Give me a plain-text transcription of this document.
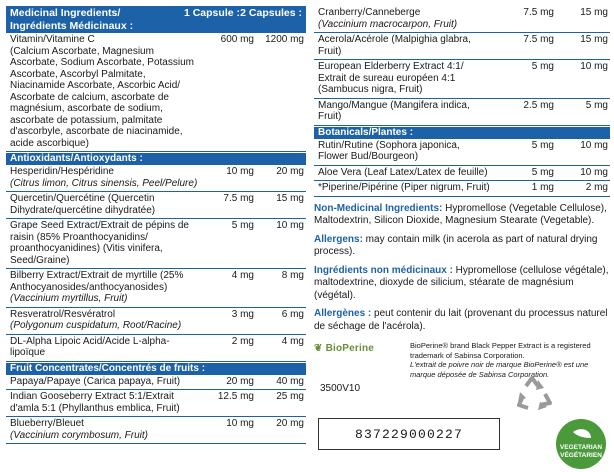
Medicinal Ingredients/
Ingrédients Médicinaux :
1 Capsule : 2 Capsules :
Vitamin/Vitamine C
(Calcium Ascorbate, Magnesium Ascorbate, Sodium Ascorbate, Potassium Ascorbate, Ascorbyl Palmitate, Niacinamide Ascorbate, Ascorbic Acid/ Ascorbate de calcium, ascorbate de magnésium, ascorbate de sodium, ascorbate de potassium, palmitate d'ascorbyle, ascorbate de niacinamide, acide ascorbique)
600 mg	1200 mg
Antioxidants/Antioxydants :
Hesperidin/Hespéridine
(Citrus limon, Citrus sinensis, Peel/Pelure)
10 mg	20 mg
Quercetin/Quercétine (Quercetin Dihydrate/quercétine dihydratée)
7.5 mg	15 mg
Grape Seed Extract/Extrait de pépins de raisin (85% Proanthocyanidins/ proanthocyanidines) (Vitis vinifera, Seed/Graine)
5 mg	10 mg
Bilberry Extract/Extrait de myrtille (25% Anthocyanosides/anthocyanosides)
(Vaccinium myrtillus, Fruit)
4 mg	8 mg
Resveratrol/Resvératrol
(Polygonum cuspidatum, Root/Racine)
3 mg	6 mg
DL-Alpha Lipoic Acid/Acide L-alpha-lipoïque
2 mg	4 mg
Fruit Concentrates/Concentrés de fruits :
Papaya/Papaye (Carica papaya, Fruit)	20 mg	40 mg
Indian Gooseberry Extract 5:1/Extrait d'amla 5:1 (Phyllanthus emblica, Fruit)
12.5 mg	25 mg
Blueberry/Bleuet
(Vaccinium corymbosum, Fruit)
10 mg	20 mg
Cranberry/Canneberge
(Vaccinium macrocarpon, Fruit)
7.5 mg	15 mg
Acerola/Acérole (Malpighia glabra, Fruit)
7.5 mg	15 mg
European Elderberry Extract 4:1/ Extrait de sureau européen 4:1 (Sambucus nigra, Fruit)
5 mg	10 mg
Mango/Mangue (Mangifera indica, Fruit)
2.5 mg	5 mg
Botanicals/Plantes :
Rutin/Rutine (Sophora japonica, Flower Bud/Bourgeon)
5 mg	10 mg
Aloe Vera (Leaf Latex/Latex de feuille)	5 mg	10 mg
*Piperine/Pipérine (Piper nigrum, Fruit)	1 mg	2 mg
Non-Medicinal Ingredients: Hypromellose (Vegetable Cellulose), Maltodextrin, Silicon Dioxide, Magnesium Stearate (Vegetable).
Allergens: may contain milk (in acerola as part of natural drying process).
Ingrédients non médicinaux : Hypromellose (cellulose végétale), maltodextrine, dioxyde de silicium, stéarate de magnésium (végétal).
Allergènes : peut contenir du lait (provenant du processus naturel de séchage de l'acérola).
❦ BioPerine	BioPerine® brand Black Pepper Extract is a registered trademark of Sabinsa Corporation.
L'extrait de poivre noir de marque BioPerine® est une marque déposée de Sabinsa Corporation.
3500V10
837229000227
VEGETARIAN
VÉGÉTARIEN
